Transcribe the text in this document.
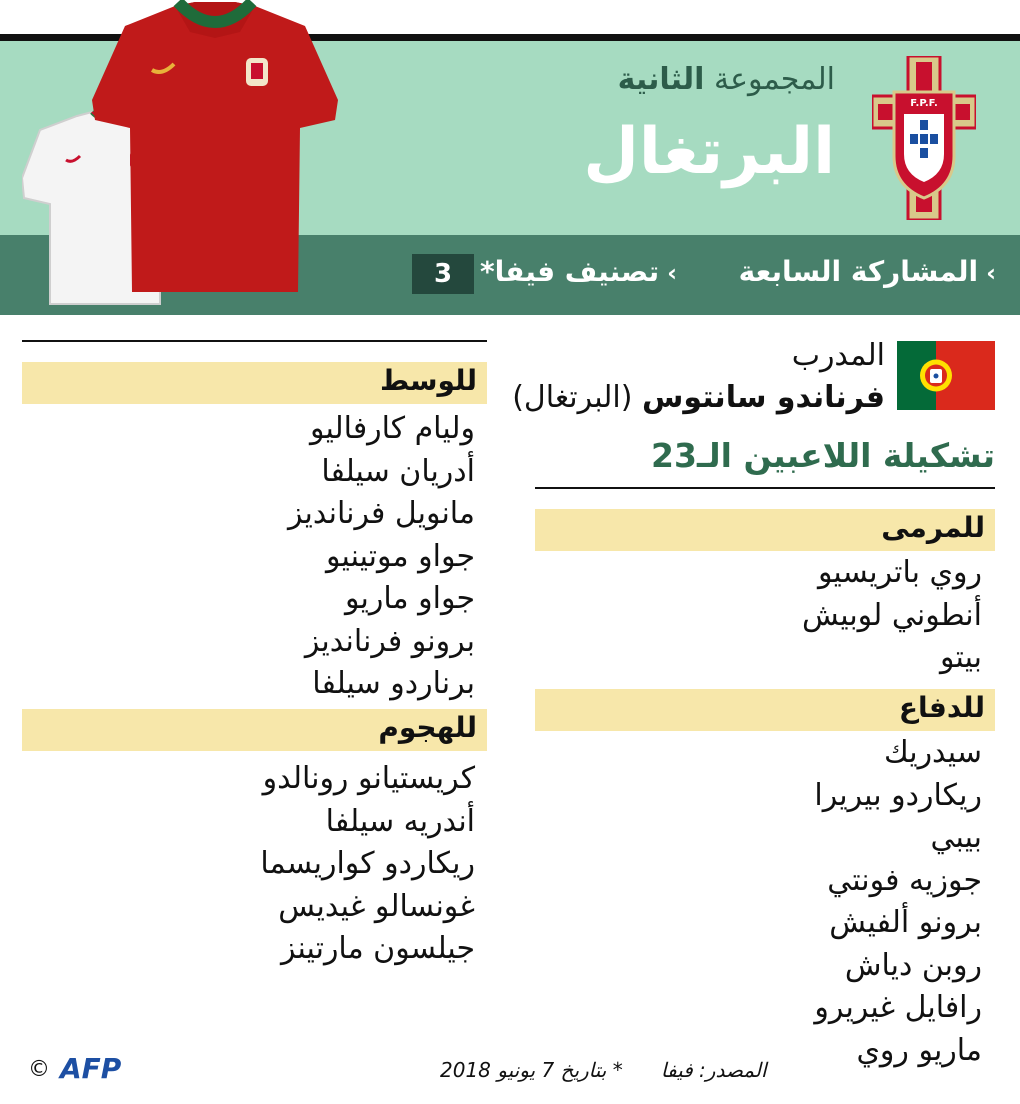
المجموعة الثانية
البرتغال
F.P.F.
›المشاركة السابعة
›تصنيف فيفا*
3
المدرب
فرناندو سانتوس (البرتغال)
تشكيلة اللاعبين الـ23
للمرمى
روي باتريسيو
أنطوني لوبيش
بيتو
للدفاع
سيدريك
ريكاردو بيريرا
بيبي
جوزيه فونتي
برونو ألفيش
روبن دياش
رافايل غيريرو
ماريو روي
للوسط
وليام كارفاليو
أدريان سيلفا
مانويل فرنانديز
جواو موتينيو
جواو ماريو
برونو فرنانديز
برناردو سيلفا
للهجوم
كريستيانو رونالدو
أندريه سيلفا
ريكاردو كواريسما
غونسالو غيديس
جيلسون مارتينز
© AFP	المصدر: فيفا      * بتاريخ 7 يونيو 2018
